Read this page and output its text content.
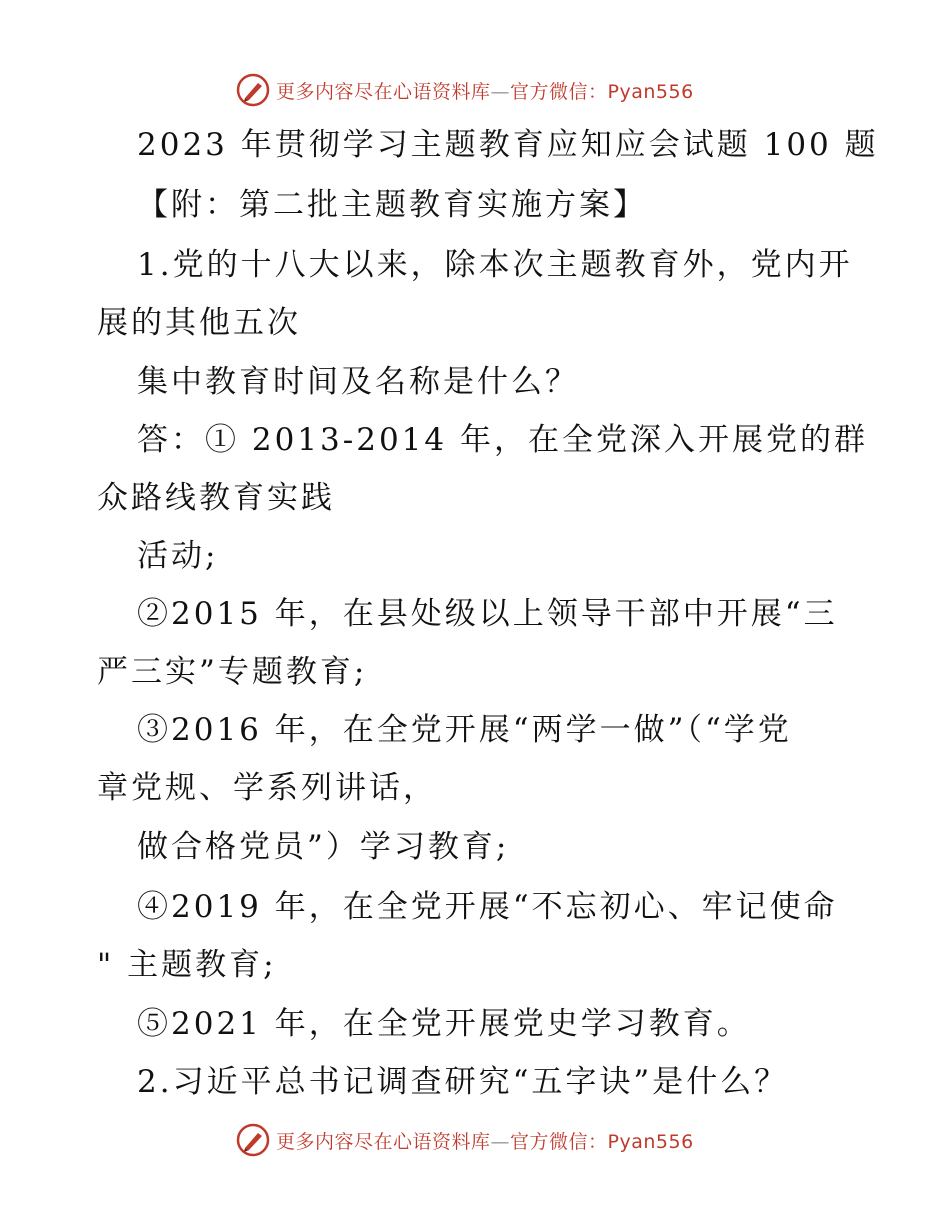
更多内容尽在心语资料库—官方微信：Pyan556
2023 年贯彻学习主题教育应知应会试题 100 题
【附：第二批主题教育实施方案】
1.党的十八大以来，除本次主题教育外，党内开
展的其他五次
集中教育时间及名称是什么？
答：① 2013-2014 年，在全党深入开展党的群
众路线教育实践
活动;
②2015 年，在县处级以上领导干部中开展“三
严三实”专题教育;
③2016 年，在全党开展“两学一做”（“学党
章党规、学系列讲话，
做合格党员”）学习教育;
④2019 年，在全党开展“不忘初心、牢记使命
" 主题教育;
⑤2021 年，在全党开展党史学习教育。
2.习近平总书记调查研究“五字诀”是什么？
更多内容尽在心语资料库—官方微信：Pyan556
